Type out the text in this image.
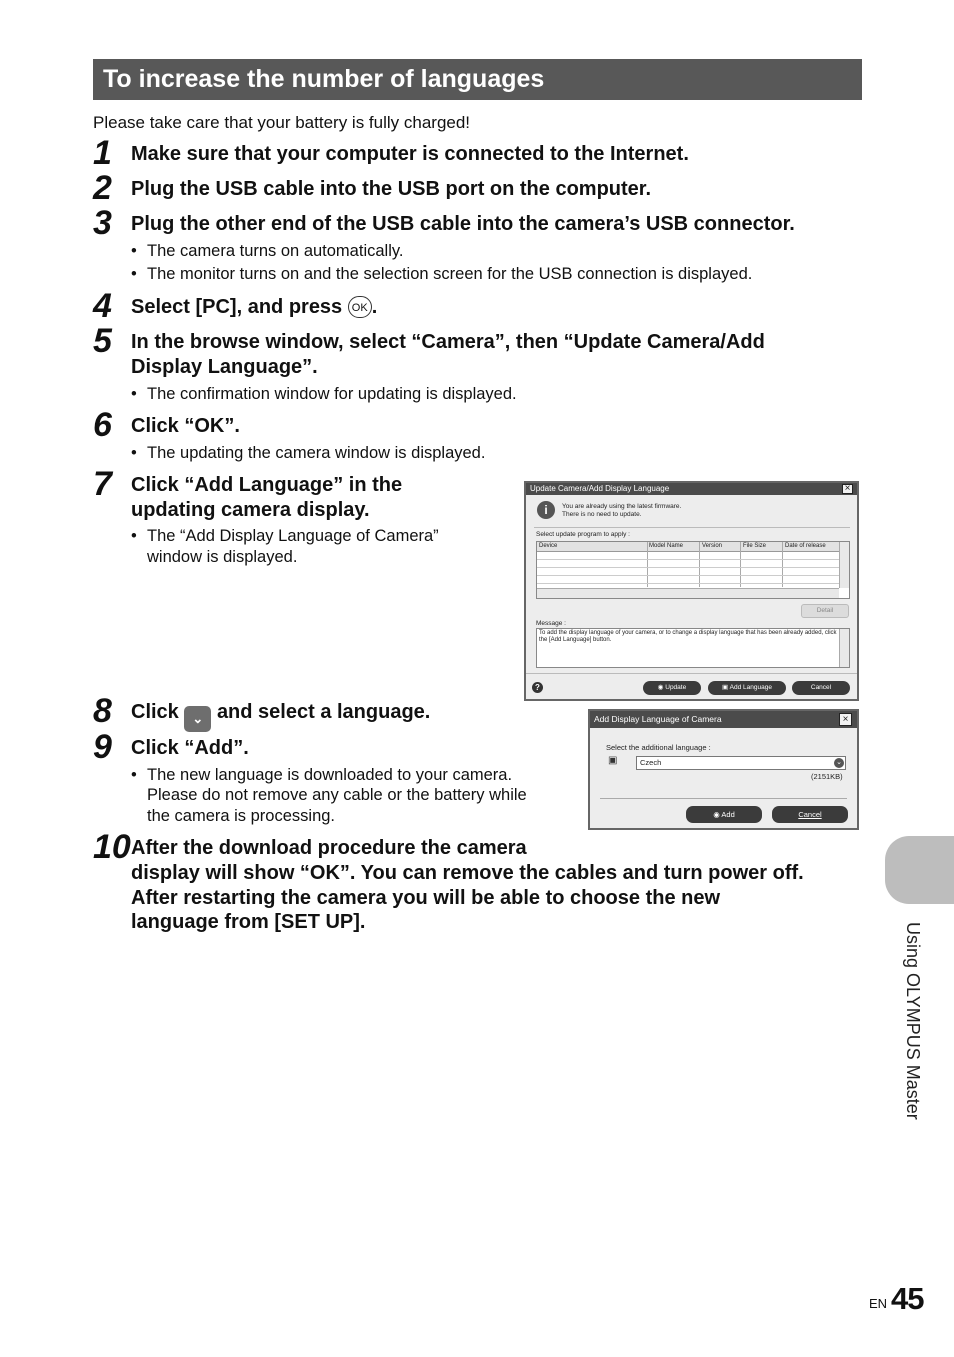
To increase the number of languages
Please take care that your battery is fully charged!
1 Make sure that your computer is connected to the Internet.
2 Plug the USB cable into the USB port on the computer.
3 Plug the other end of the USB cable into the camera’s USB connector.
• The camera turns on automatically.
• The monitor turns on and the selection screen for the USB connection is displayed.
4 Select [PC], and press OK .
5 In the browse window, select “Camera”, then “Update Camera/Add
Display Language”.
• The confirmation window for updating is displayed.
6 Click “OK”.
• The updating the camera window is displayed.
7 Click “Add Language” in the
updating camera display.
• The “Add Display Language of Camera”
window is displayed.
Update Camera/Add Display Language	×
i	You are already using the latest firmware.
There is no need to update.
Select update program to apply :
Device	Model Name	Version	File Size	Date of release
Detail
Message :
To add the display language of your camera, or to change a display language that has been already added, click
the [Add Language] button.
?	◉ Update	▣ Add Language	Cancel
8 Click ⌄ and select a language.
9 Click “Add”.
• The new language is downloaded to your camera.
Please do not remove any cable or the battery while
the camera is processing.
Add Display Language of Camera	×
Select the additional language :
▣	Czech	⌄
(2151KB)
◉ Add	Cancel
10 After the download procedure the camera
display will show “OK”. You can remove the cables and turn power off.
After restarting the camera you will be able to choose the new
language from [SET UP].	Using OLYMPUS Master
EN 45
